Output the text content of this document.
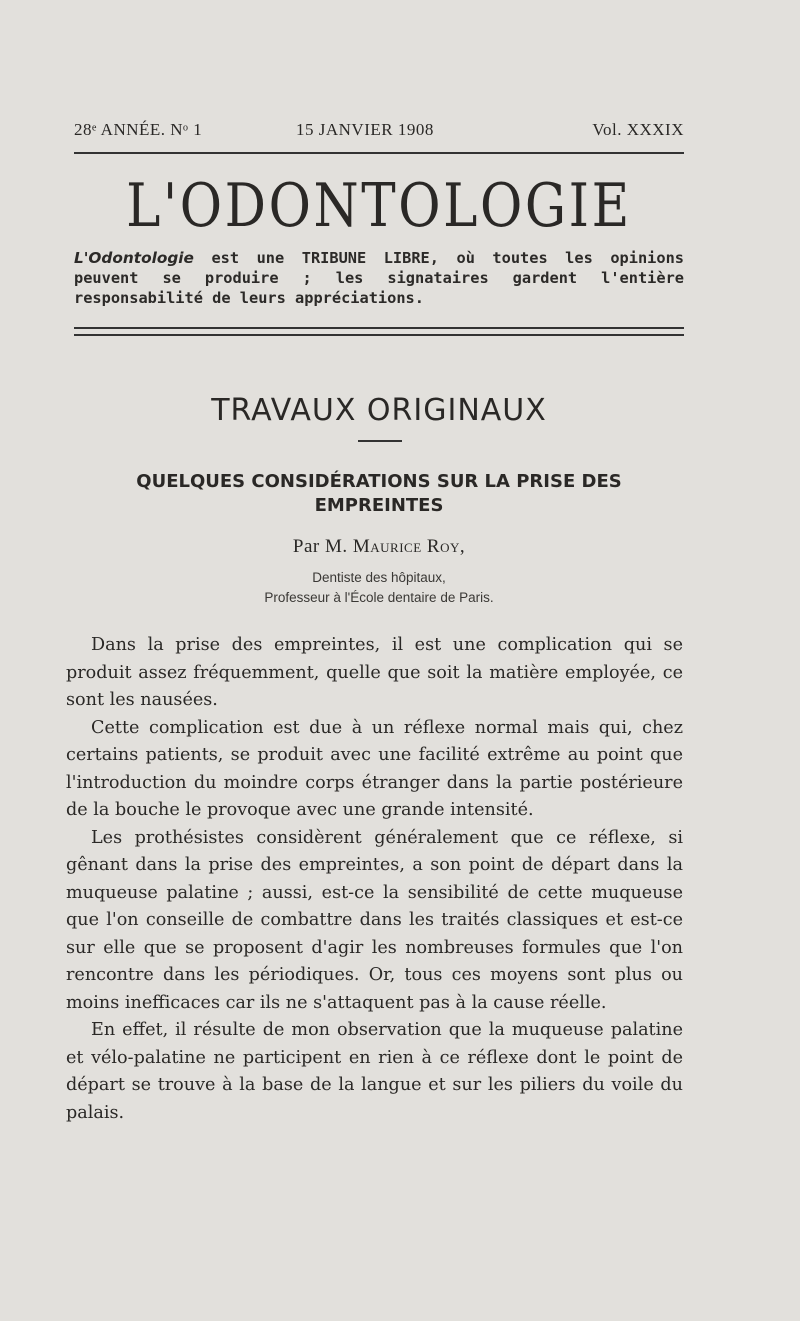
28ᵉ ANNÉE. Nᵒ 1	15 JANVIER 1908	Vol. XXXIX
L'ODONTOLOGIE

L'Odontologie est une TRIBUNE LIBRE, où toutes les opinions peuvent se produire ; les signataires gardent l'entière responsabilité de leurs appréciations.

TRAVAUX ORIGINAUX
QUELQUES CONSIDÉRATIONS SUR LA PRISE DES EMPREINTES
Par M. Maurice Roy,
Dentiste des hôpitaux,
Professeur à l'École dentaire de Paris.

Dans la prise des empreintes, il est une complication qui se produit assez fréquemment, quelle que soit la matière employée, ce sont les nausées.

Cette complication est due à un réflexe normal mais qui, chez certains patients, se produit avec une facilité extrême au point que l'introduction du moindre corps étranger dans la partie postérieure de la bouche le provoque avec une grande intensité.

Les prothésistes considèrent généralement que ce réflexe, si gênant dans la prise des empreintes, a son point de départ dans la muqueuse palatine ; aussi, est-ce la sensibilité de cette muqueuse que l'on conseille de combattre dans les traités classiques et est-ce sur elle que se proposent d'agir les nombreuses formules que l'on rencontre dans les périodiques. Or, tous ces moyens sont plus ou moins inefficaces car ils ne s'attaquent pas à la cause réelle.

En effet, il résulte de mon observation que la muqueuse palatine et vélo-palatine ne participent en rien à ce réflexe dont le point de départ se trouve à la base de la langue et sur les piliers du voile du palais.
